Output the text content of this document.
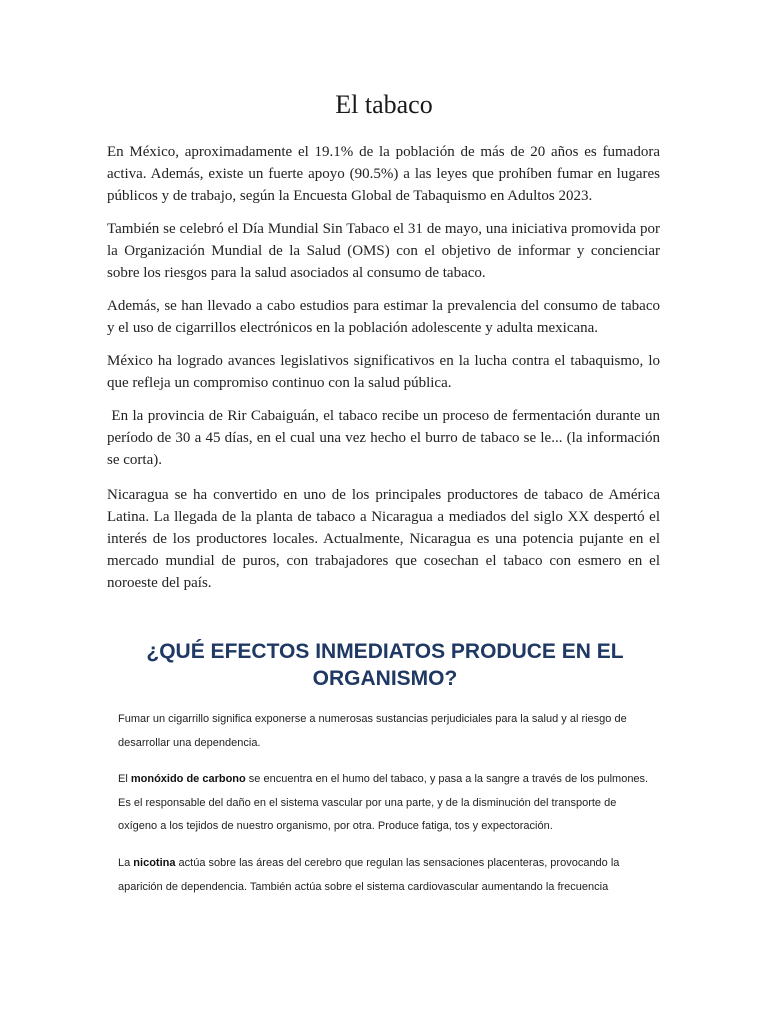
El tabaco

En México, aproximadamente el 19.1% de la población de más de 20 años es fumadora activa. Además, existe un fuerte apoyo (90.5%) a las leyes que prohíben fumar en lugares públicos y de trabajo, según la Encuesta Global de Tabaquismo en Adultos 2023.

También se celebró el Día Mundial Sin Tabaco el 31 de mayo, una iniciativa promovida por la Organización Mundial de la Salud (OMS) con el objetivo de informar y concienciar sobre los riesgos para la salud asociados al consumo de tabaco.

Además, se han llevado a cabo estudios para estimar la prevalencia del consumo de tabaco y el uso de cigarrillos electrónicos en la población adolescente y adulta mexicana.

México ha logrado avances legislativos significativos en la lucha contra el tabaquismo, lo que refleja un compromiso continuo con la salud pública.

En la provincia de Rir Cabaiguán, el tabaco recibe un proceso de fermentación durante un período de 30 a 45 días, en el cual una vez hecho el burro de tabaco se le... (la información se corta).

Nicaragua se ha convertido en uno de los principales productores de tabaco de América Latina. La llegada de la planta de tabaco a Nicaragua a mediados del siglo XX despertó el interés de los productores locales. Actualmente, Nicaragua es una potencia pujante en el mercado mundial de puros, con trabajadores que cosechan el tabaco con esmero en el noroeste del país.

¿QUÉ EFECTOS INMEDIATOS PRODUCE EN EL ORGANISMO?

Fumar un cigarrillo significa exponerse a numerosas sustancias perjudiciales para la salud y al riesgo de desarrollar una dependencia.

El monóxido de carbono se encuentra en el humo del tabaco, y pasa a la sangre a través de los pulmones. Es el responsable del daño en el sistema vascular por una parte, y de la disminución del transporte de oxígeno a los tejidos de nuestro organismo, por otra. Produce fatiga, tos y expectoración.

La nicotina actúa sobre las áreas del cerebro que regulan las sensaciones placenteras, provocando la aparición de dependencia. También actúa sobre el sistema cardiovascular aumentando la frecuencia
